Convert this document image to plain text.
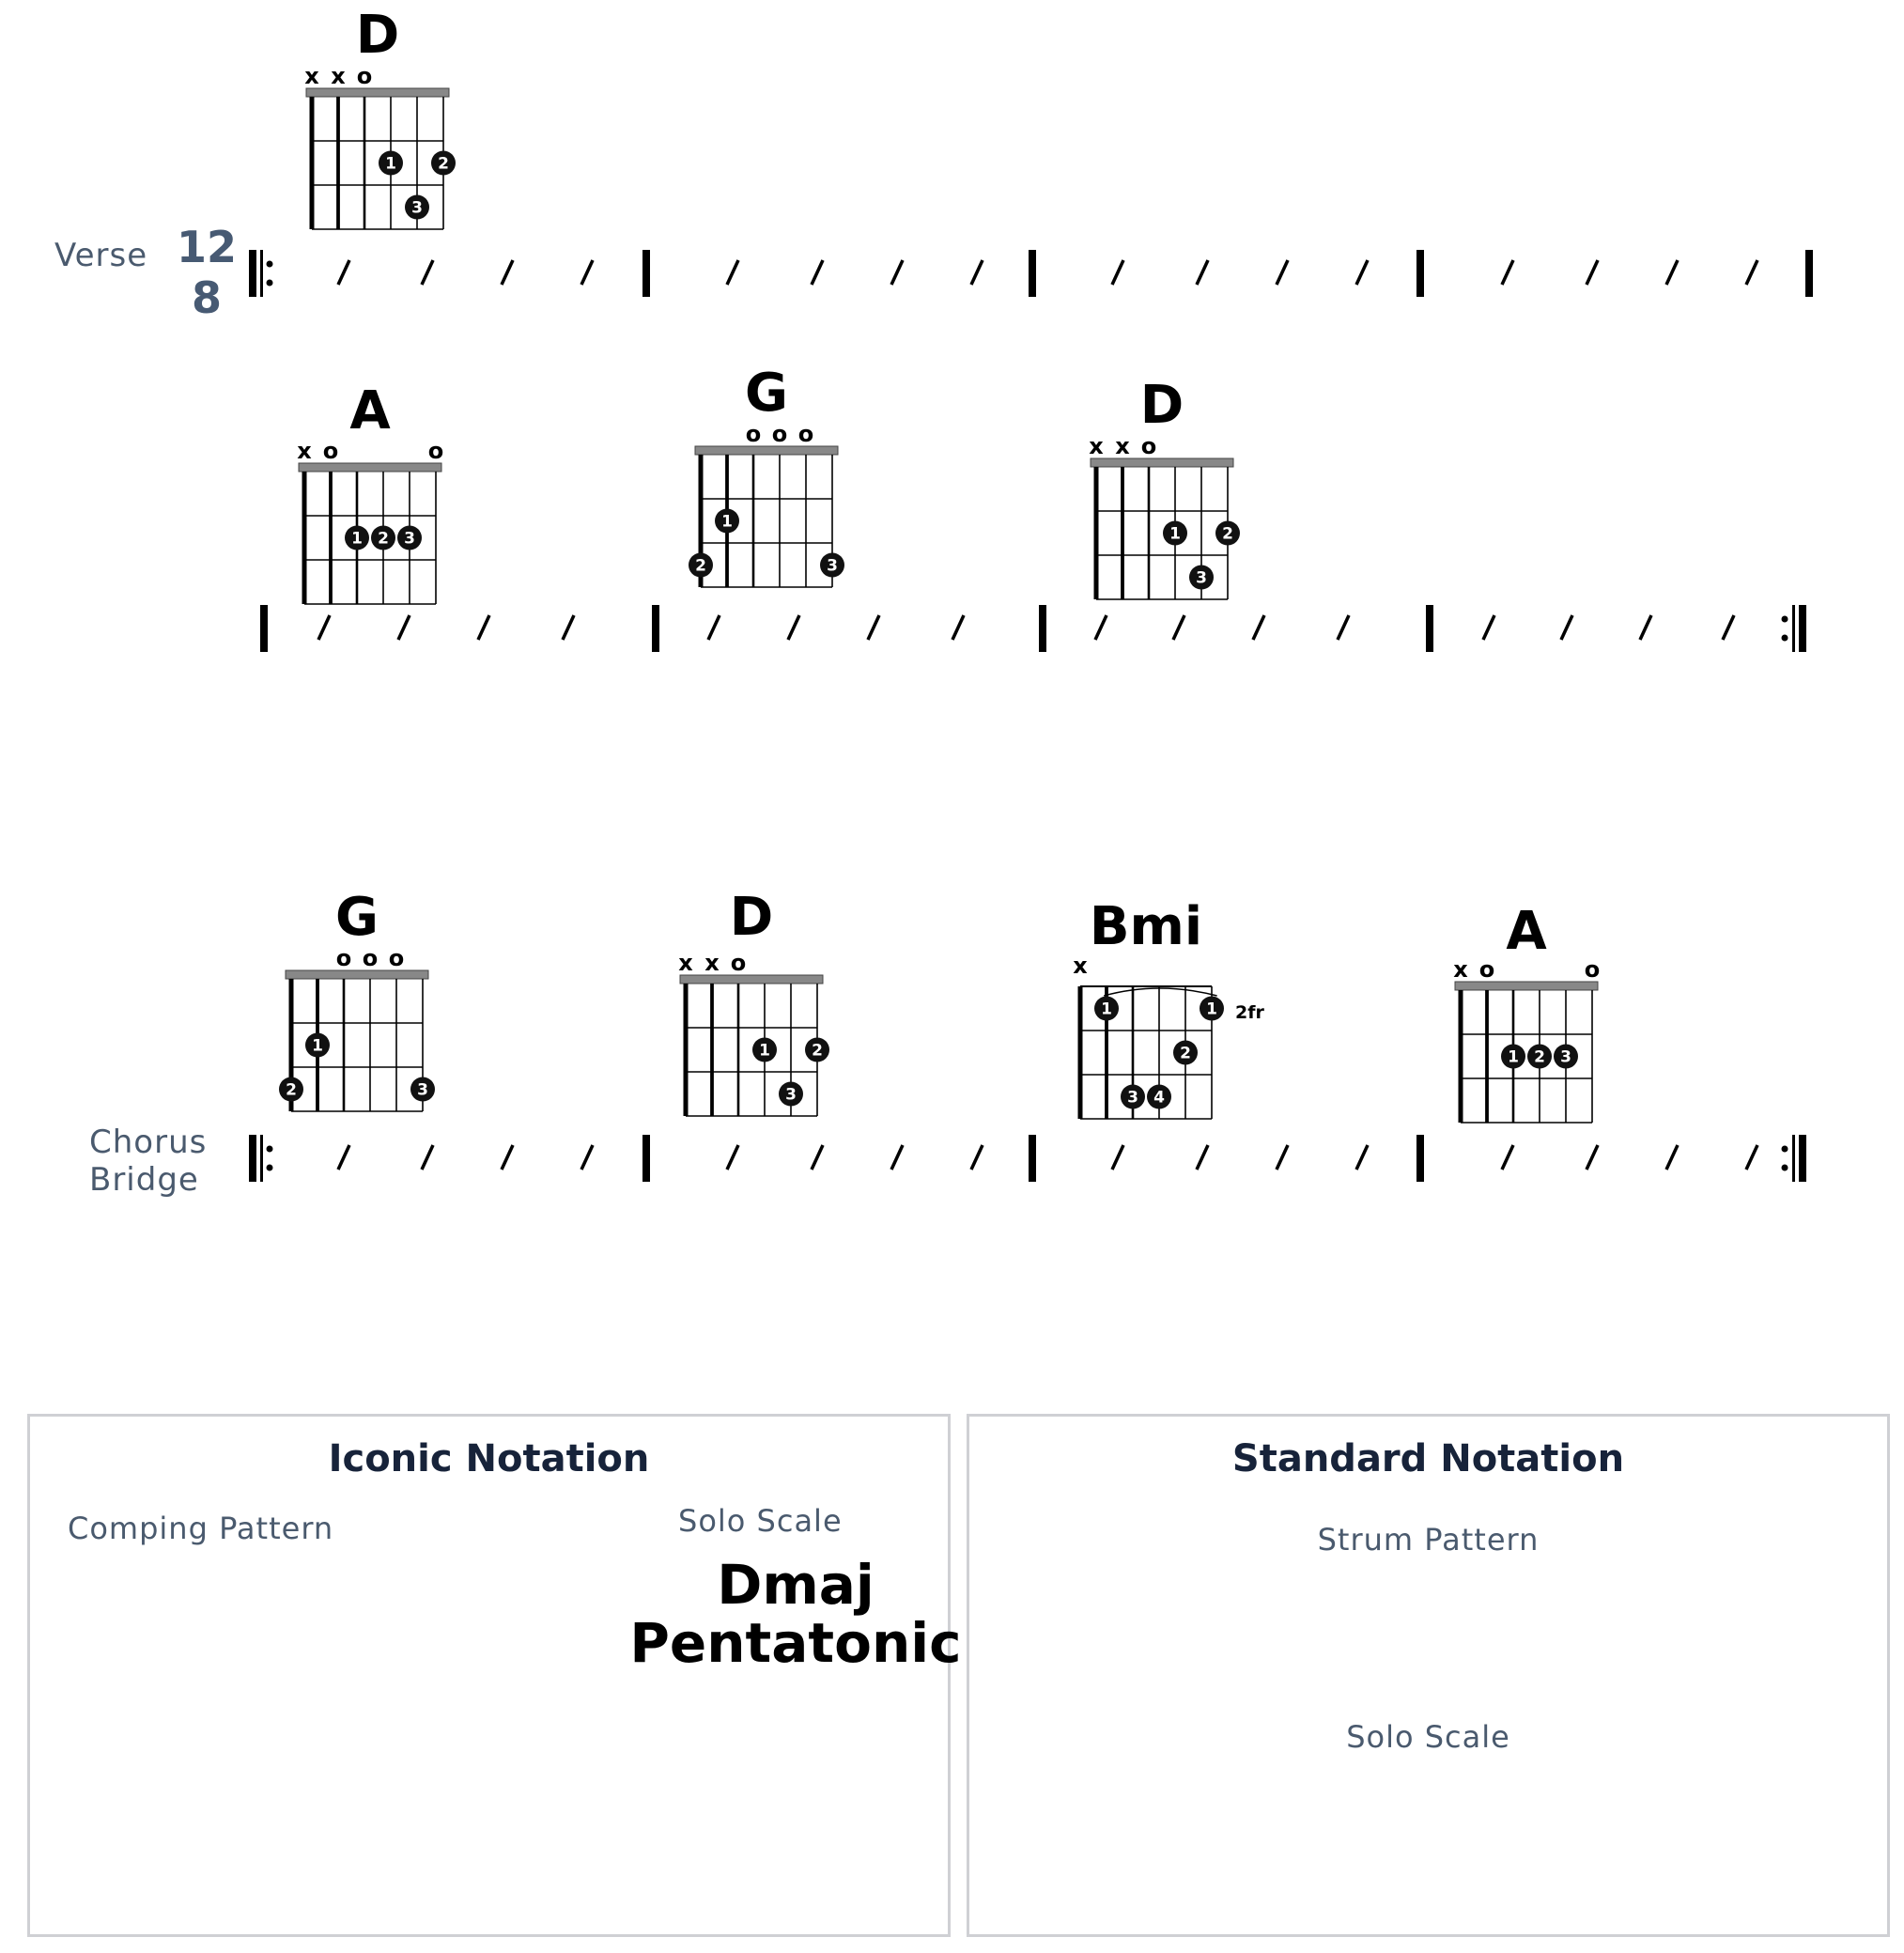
D
x x o
1	2
3
A
x o	o
1 2 3
G
o o o
1
2	3
D
x x o
1	2
3
G
o o o
1
2	3
D
x x o
1	2
3
Bmi
2fr
x
1	1
2
3 4
A
x o	o
1 2 3
Verse
Chorus
Bridge
12
8
Iconic Notation
Comping Pattern	Solo Scale
Dmaj
Pentatonic
Standard Notation
Strum Pattern
Solo Scale
